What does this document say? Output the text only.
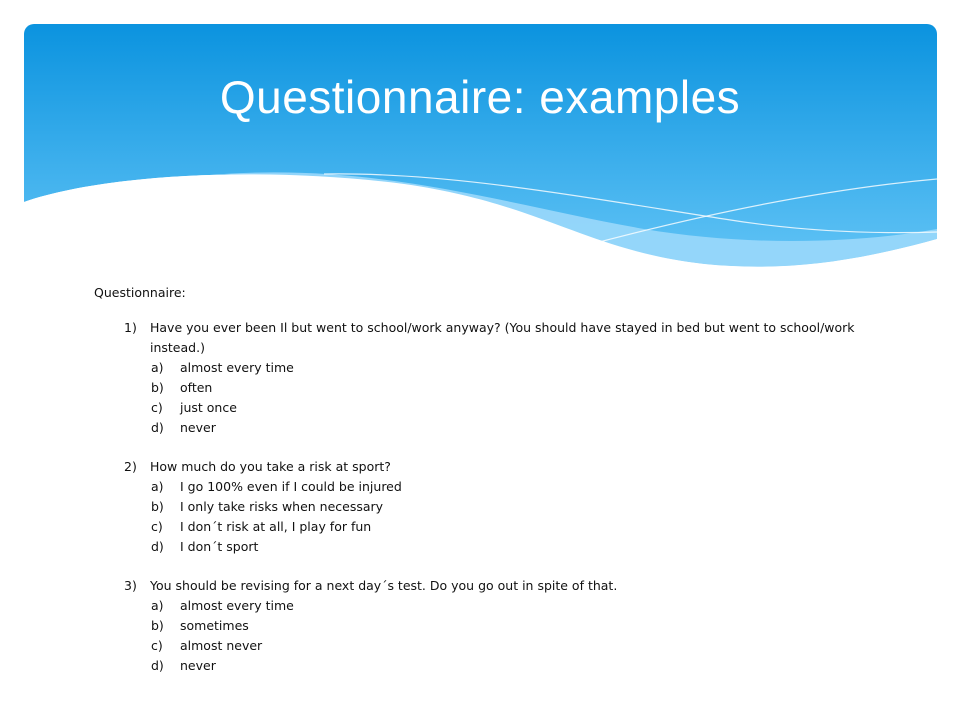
Questionnaire: examples
Questionnaire:
1) Have you ever been Il but went to school/work anyway? (You should have stayed in bed but went to school/work instead.)
a) almost every time
b) often
c) just once
d) never
2) How much do you take a risk at sport?
a) I go 100% even if I could be injured
b) I only take risks when necessary
c) I don´t risk at all, I play for fun
d) I don´t sport
3) You should be revising for a next day´s test. Do you go out in spite of that.
a) almost every time
b) sometimes
c) almost never
d) never
